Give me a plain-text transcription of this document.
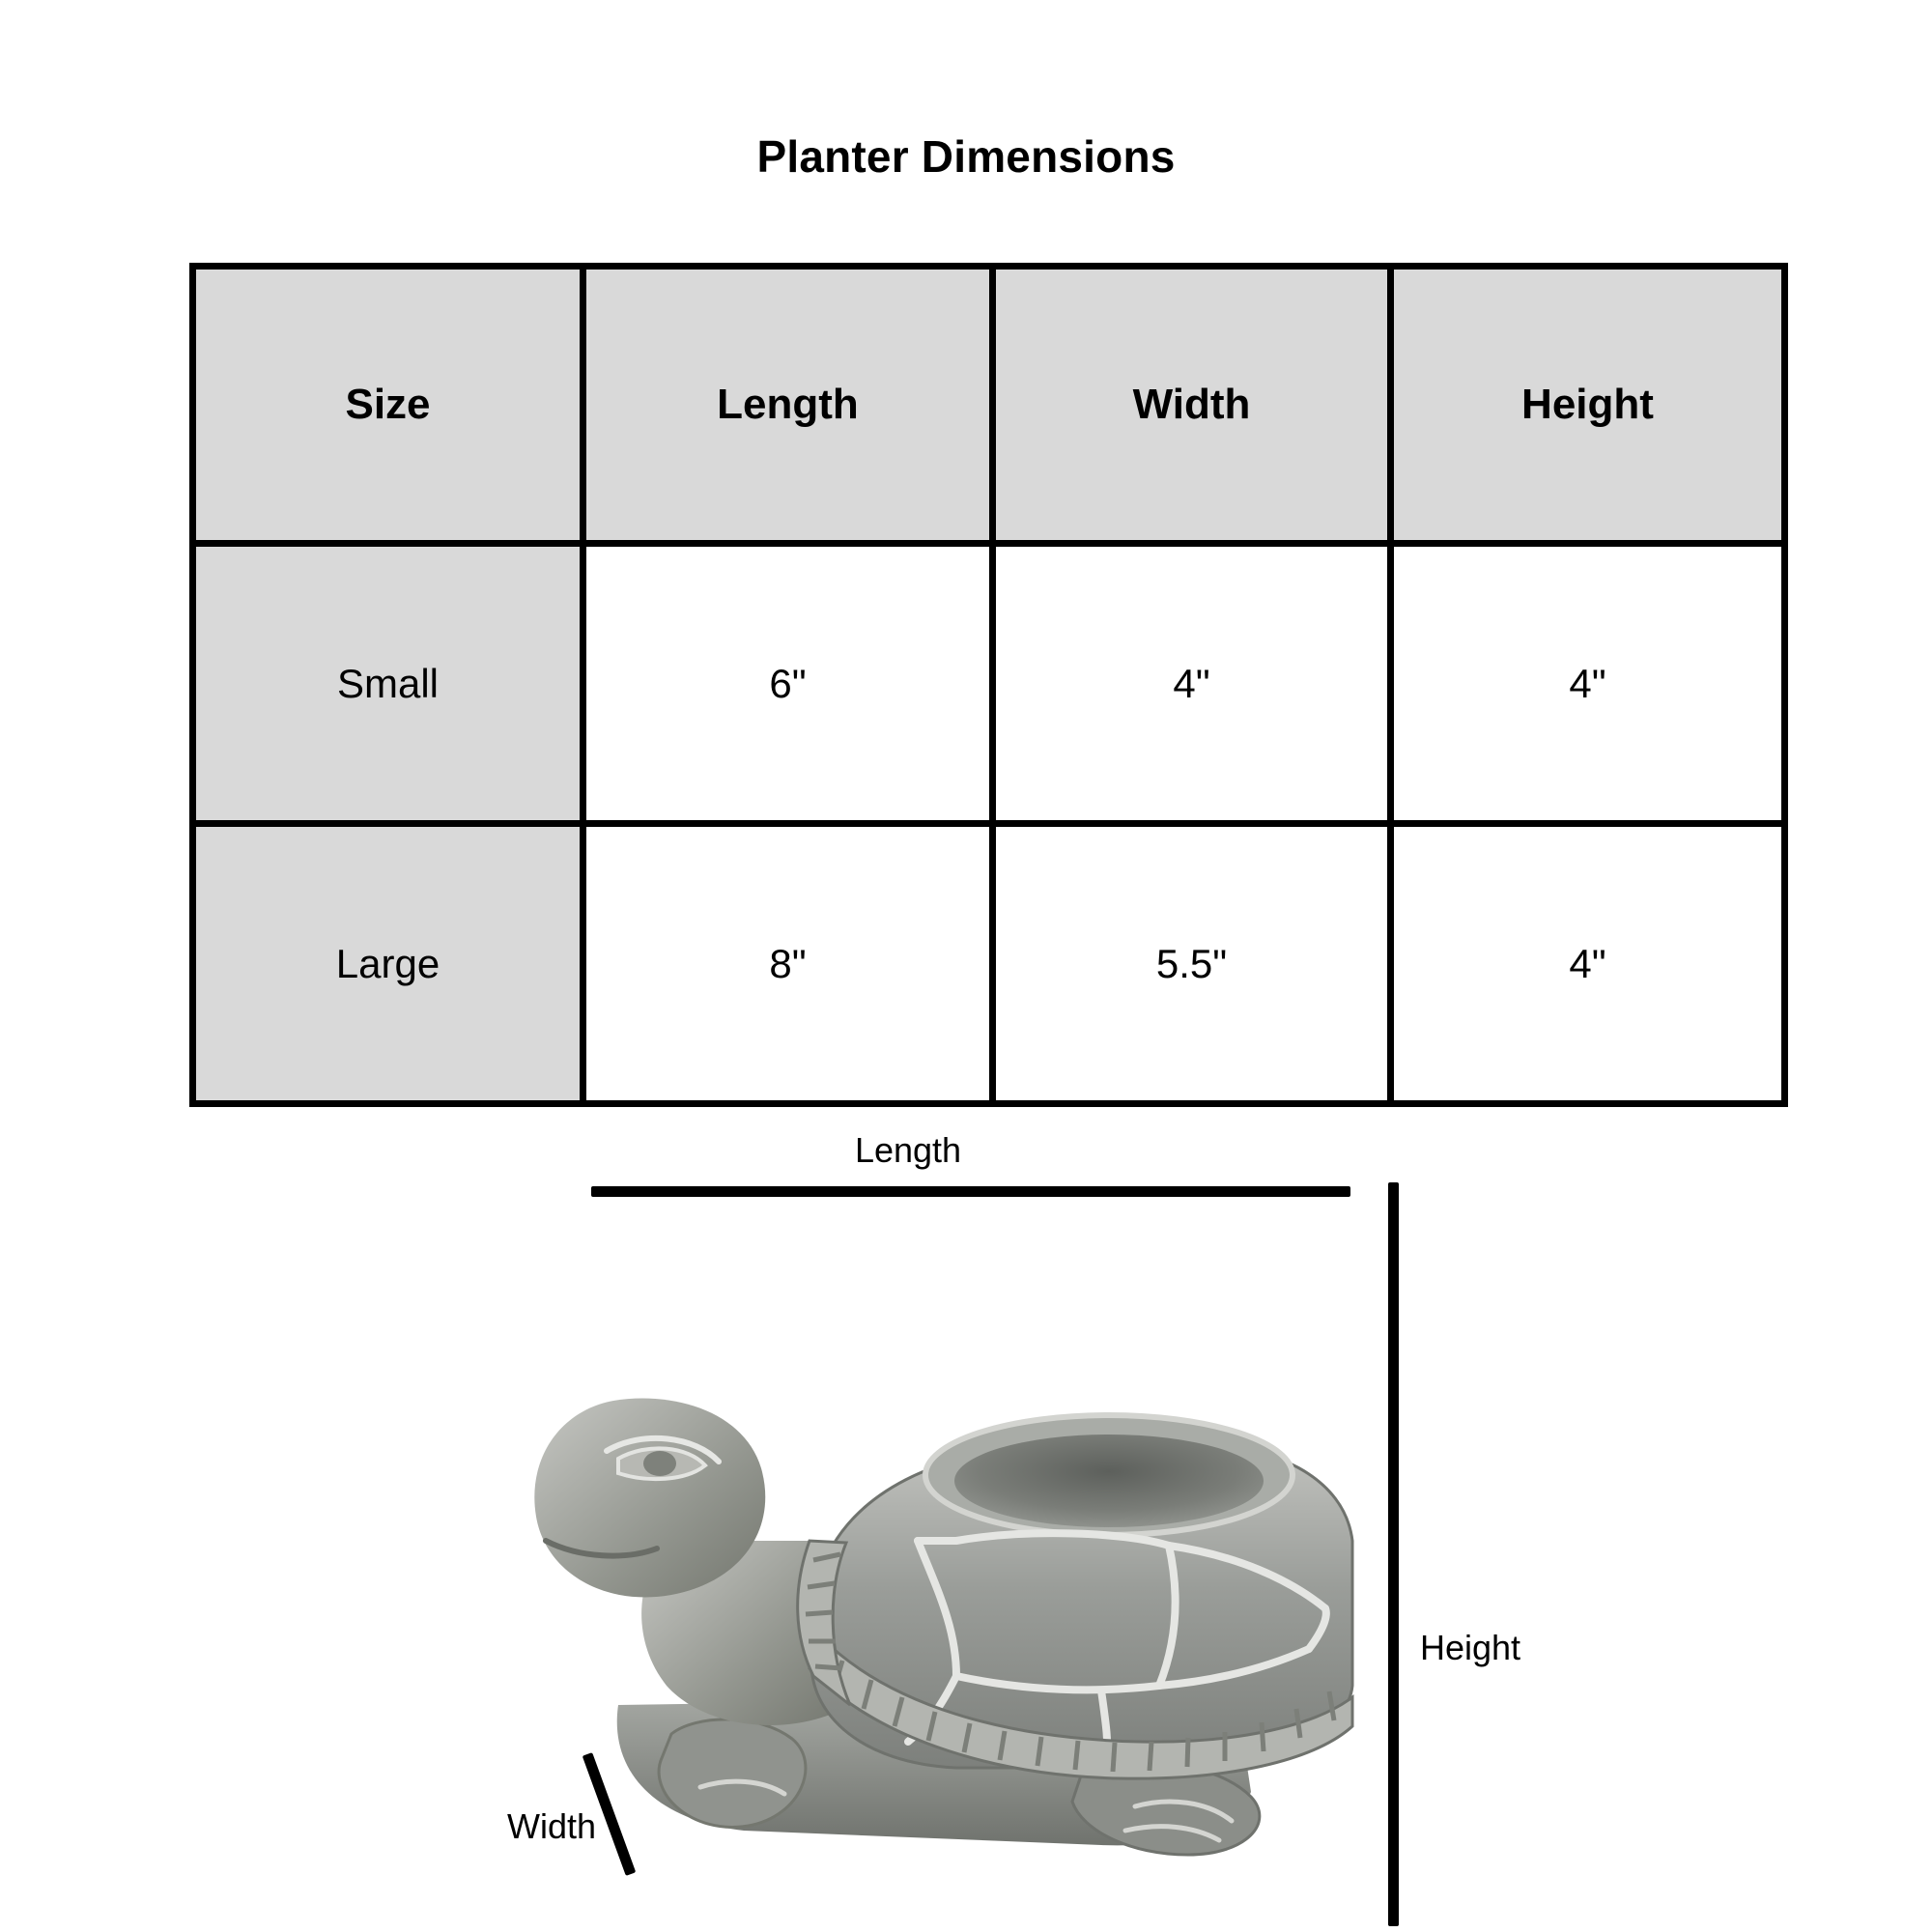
Planter Dimensions
Size	Length	Width	Height
Small	6"	4"	4"
Large	8"	5.5"	4"
Length
Height
Width
